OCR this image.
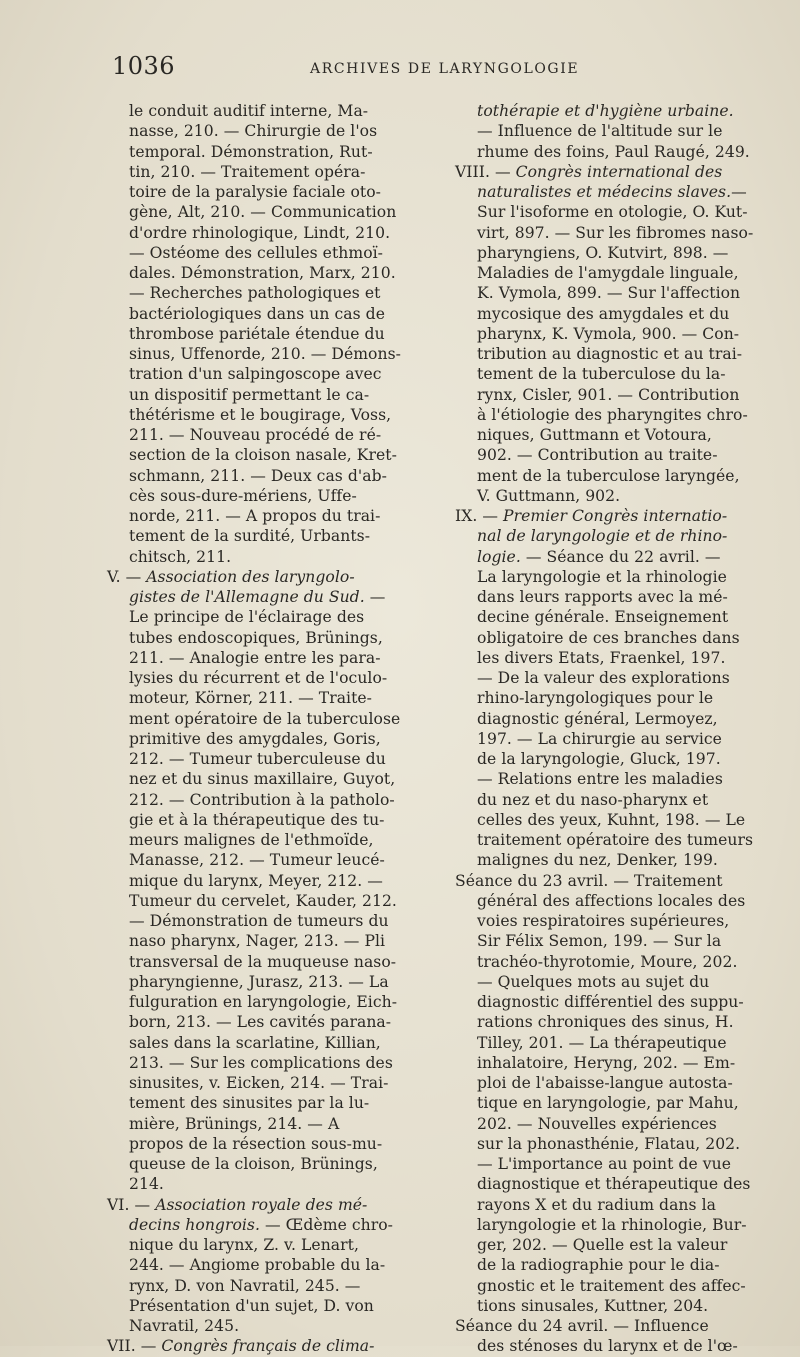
1036	ARCHIVES DE LARYNGOLOGIE
le conduit auditif interne, Ma-
nasse, 210. — Chirurgie de l'os
temporal. Démonstration, Rut-
tin, 210. — Traitement opéra-
toire de la paralysie faciale oto-
gène, Alt, 210. — Communication
d'ordre rhinologique, Lindt, 210.
— Ostéome des cellules ethmoï-
dales. Démonstration, Marx, 210.
— Recherches pathologiques et
bactériologiques dans un cas de
thrombose pariétale étendue du
sinus, Uffenorde, 210. — Démons-
tration d'un salpingoscope avec
un dispositif permettant le ca-
thétérisme et le bougirage, Voss,
211. — Nouveau procédé de ré-
section de la cloison nasale, Kret-
schmann, 211. — Deux cas d'ab-
cès sous-dure-mériens, Uffe-
norde, 211. — A propos du trai-
tement de la surdité, Urbants-
chitsch, 211.
V. — Association des laryngolo-
gistes de l'Allemagne du Sud. —
Le principe de l'éclairage des
tubes endoscopiques, Brünings,
211. — Analogie entre les para-
lysies du récurrent et de l'oculo-
moteur, Körner, 211. — Traite-
ment opératoire de la tuberculose
primitive des amygdales, Goris,
212. — Tumeur tuberculeuse du
nez et du sinus maxillaire, Guyot,
212. — Contribution à la patholo-
gie et à la thérapeutique des tu-
meurs malignes de l'ethmoïde,
Manasse, 212. — Tumeur leucé-
mique du larynx, Meyer, 212. —
Tumeur du cervelet, Kauder, 212.
— Démonstration de tumeurs du
naso pharynx, Nager, 213. — Pli
transversal de la muqueuse naso-
pharyngienne, Jurasz, 213. — La
fulguration en laryngologie, Eich-
born, 213. — Les cavités parana-
sales dans la scarlatine, Killian,
213. — Sur les complications des
sinusites, v. Eicken, 214. — Trai-
tement des sinusites par la lu-
mière, Brünings, 214. — A
propos de la résection sous-mu-
queuse de la cloison, Brünings,
214.
VI. — Association royale des mé-
decins hongrois. — Œdème chro-
nique du larynx, Z. v. Lenart,
244. — Angiome probable du la-
rynx, D. von Navratil, 245. —
Présentation d'un sujet, D. von
Navratil, 245.
VII. — Congrès français de clima-
tothérapie et d'hygiène urbaine.
— Influence de l'altitude sur le
rhume des foins, Paul Raugé, 249.
VIII. — Congrès international des
naturalistes et médecins slaves.—
Sur l'isoforme en otologie, O. Kut-
virt, 897. — Sur les fibromes naso-
pharyngiens, O. Kutvirt, 898. —
Maladies de l'amygdale linguale,
K. Vymola, 899. — Sur l'affection
mycosique des amygdales et du
pharynx, K. Vymola, 900. — Con-
tribution au diagnostic et au trai-
tement de la tuberculose du la-
rynx, Cisler, 901. — Contribution
à l'étiologie des pharyngites chro-
niques, Guttmann et Votoura,
902. — Contribution au traite-
ment de la tuberculose laryngée,
V. Guttmann, 902.
IX. — Premier Congrès internatio-
nal de laryngologie et de rhino-
logie. — Séance du 22 avril. —
La laryngologie et la rhinologie
dans leurs rapports avec la mé-
decine générale. Enseignement
obligatoire de ces branches dans
les divers Etats, Fraenkel, 197.
— De la valeur des explorations
rhino-laryngologiques pour le
diagnostic général, Lermoyez,
197. — La chirurgie au service
de la laryngologie, Gluck, 197.
— Relations entre les maladies
du nez et du naso-pharynx et
celles des yeux, Kuhnt, 198. — Le
traitement opératoire des tumeurs
malignes du nez, Denker, 199.
Séance du 23 avril. — Traitement
général des affections locales des
voies respiratoires supérieures,
Sir Félix Semon, 199. — Sur la
trachéo-thyrotomie, Moure, 202.
— Quelques mots au sujet du
diagnostic différentiel des suppu-
rations chroniques des sinus, H.
Tilley, 201. — La thérapeutique
inhalatoire, Heryng, 202. — Em-
ploi de l'abaisse-langue autosta-
tique en laryngologie, par Mahu,
202. — Nouvelles expériences
sur la phonasthénie, Flatau, 202.
— L'importance au point de vue
diagnostique et thérapeutique des
rayons X et du radium dans la
laryngologie et la rhinologie, Bur-
ger, 202. — Quelle est la valeur
de la radiographie pour le dia-
gnostic et le traitement des affec-
tions sinusales, Kuttner, 204.
Séance du 24 avril. — Influence
des sténoses du larynx et de l'œ-
